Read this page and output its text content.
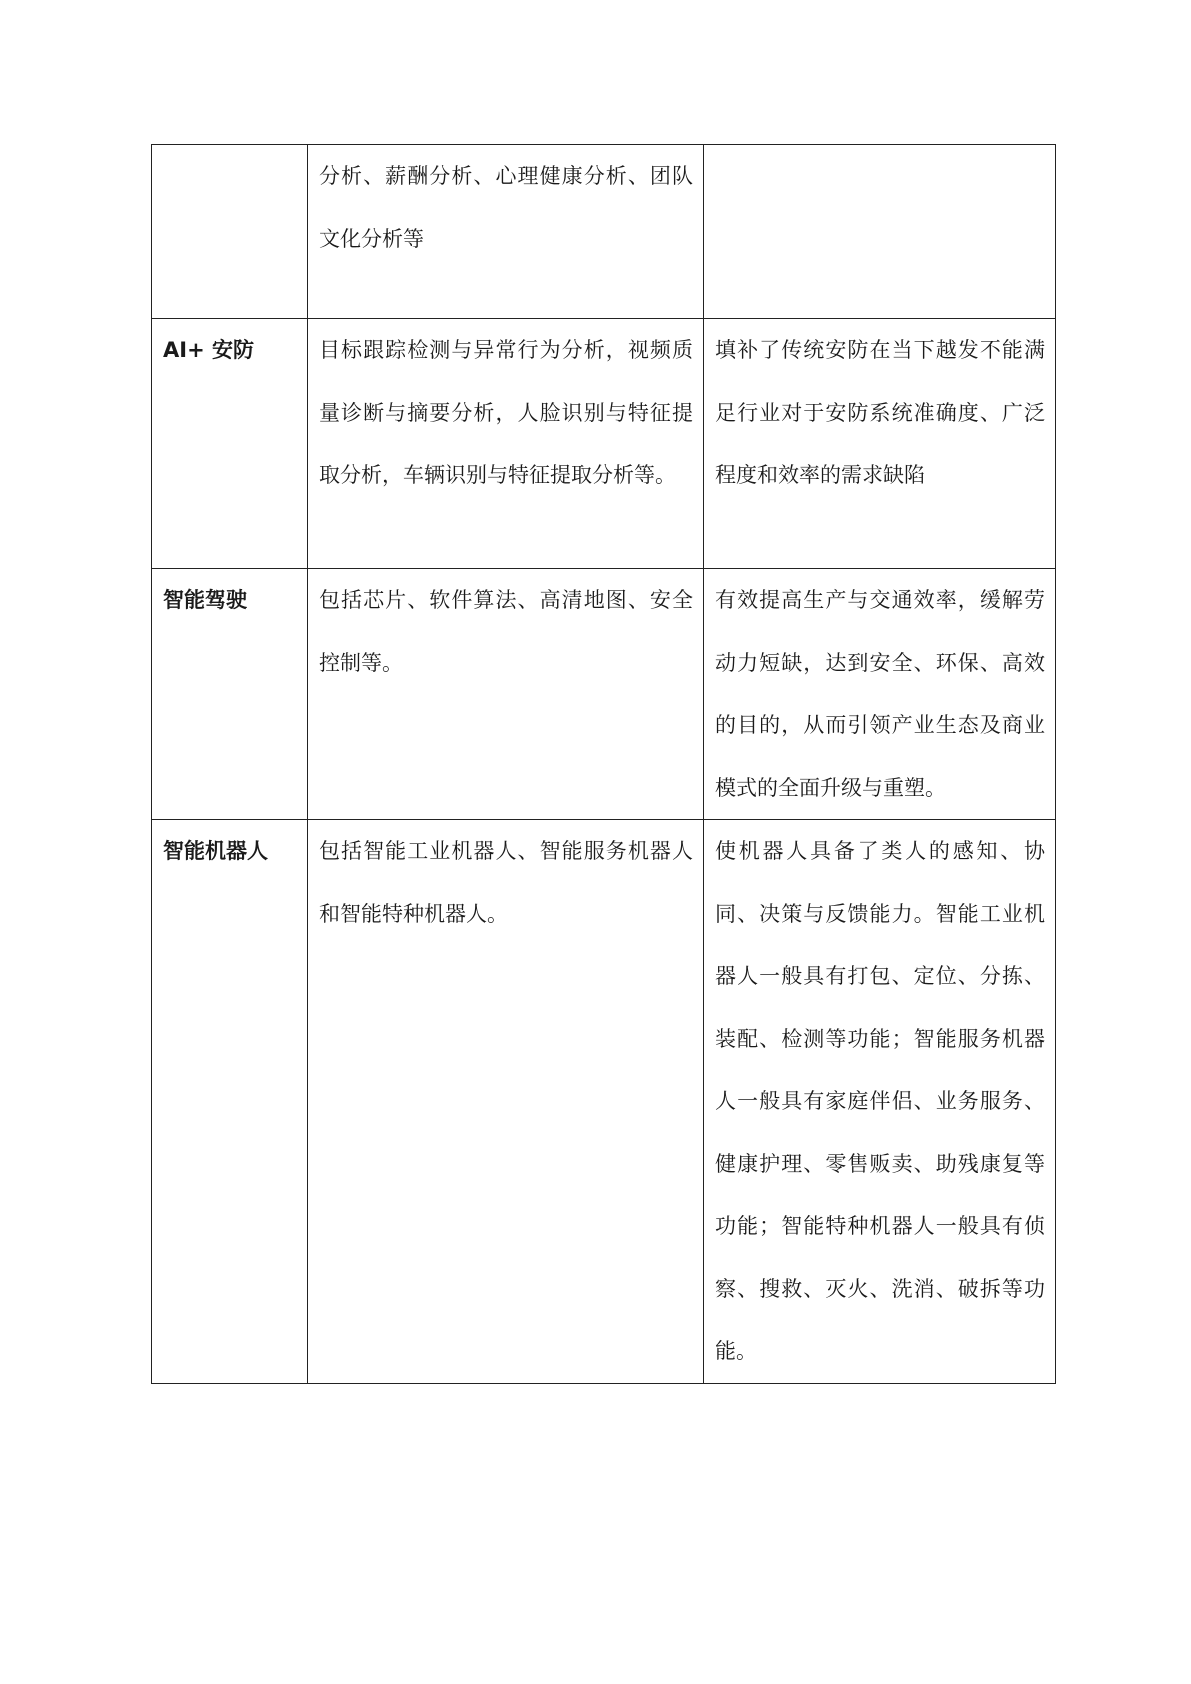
	分析、薪酬分析、心理健康分析、团队文化分析等	

AI+ 安防	目标跟踪检测与异常行为分析，视频质量诊断与摘要分析，人脸识别与特征提取分析，车辆识别与特征提取分析等。	填补了传统安防在当下越发不能满足行业对于安防系统准确度、广泛程度和效率的需求缺陷

智能驾驶	包括芯片、软件算法、高清地图、安全控制等。	有效提高生产与交通效率，缓解劳动力短缺，达到安全、环保、高效的目的，从而引领产业生态及商业模式的全面升级与重塑。

智能机器人	包括智能工业机器人、智能服务机器人和智能特种机器人。	使机器人具备了类人的感知、协同、决策与反馈能力。智能工业机器人一般具有打包、定位、分拣、装配、检测等功能；智能服务机器人一般具有家庭伴侣、业务服务、健康护理、零售贩卖、助残康复等功能；智能特种机器人一般具有侦察、搜救、灭火、洗消、破拆等功能。
